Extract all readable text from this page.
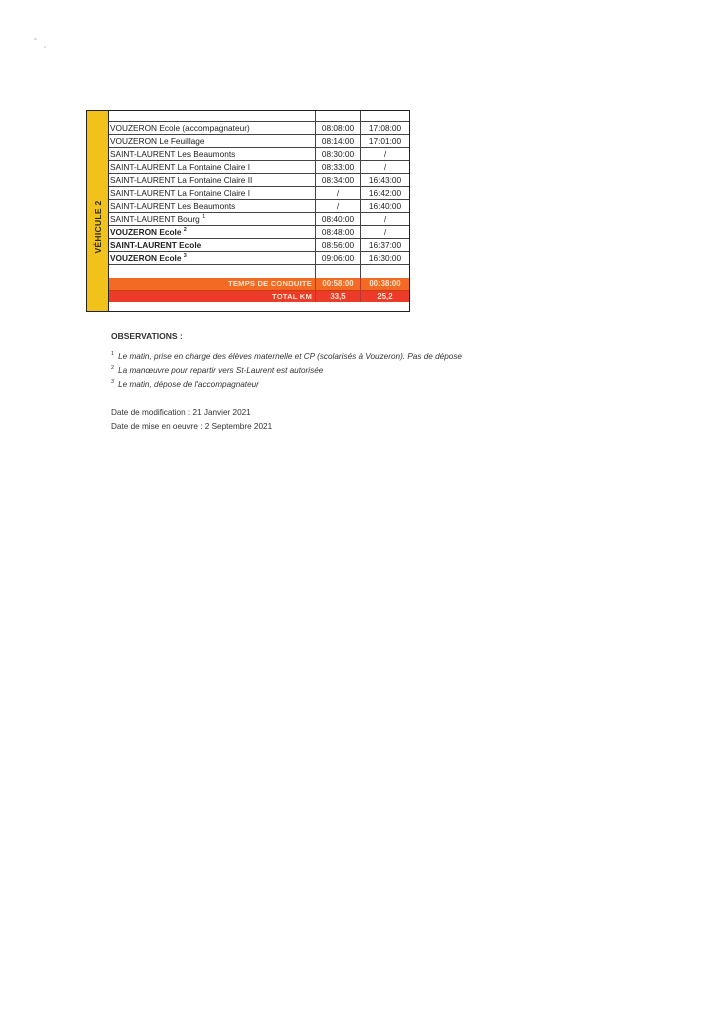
VÉHICULE 2
VOUZERON Ecole (accompagnateur)	08:08:00	17:08:00
VOUZERON Le Feuillage	08:14:00	17:01:00
SAINT-LAURENT Les Beaumonts	08:30:00	/
SAINT-LAURENT La Fontaine Claire I	08:33:00	/
SAINT-LAURENT La Fontaine Claire II	08:34:00	16:43:00
SAINT-LAURENT La Fontaine Claire I	/	16:42:00
SAINT-LAURENT Les Beaumonts	/	16:40:00
SAINT-LAURENT Bourg $^1$	08:40:00	/
VOUZERON Ecole $^2$	08:48:00	/
SAINT-LAURENT Ecole	08:56:00	16:37:00
VOUZERON Ecole $^3$	09:06:00	16:30:00
TEMPS DE CONDUITE	00:58:00	00:38:00
TOTAL KM	33,5	25,2
OBSERVATIONS :
$^1$ Le matin, prise en charge des élèves maternelle et CP (scolarisés à Vouzeron). Pas de dépose
$^2$ La manœuvre pour repartir vers St-Laurent est autorisée
$^3$ Le matin, dépose de l'accompagnateur
Date de modification : 21 Janvier 2021
Date de mise en oeuvre : 2 Septembre 2021
